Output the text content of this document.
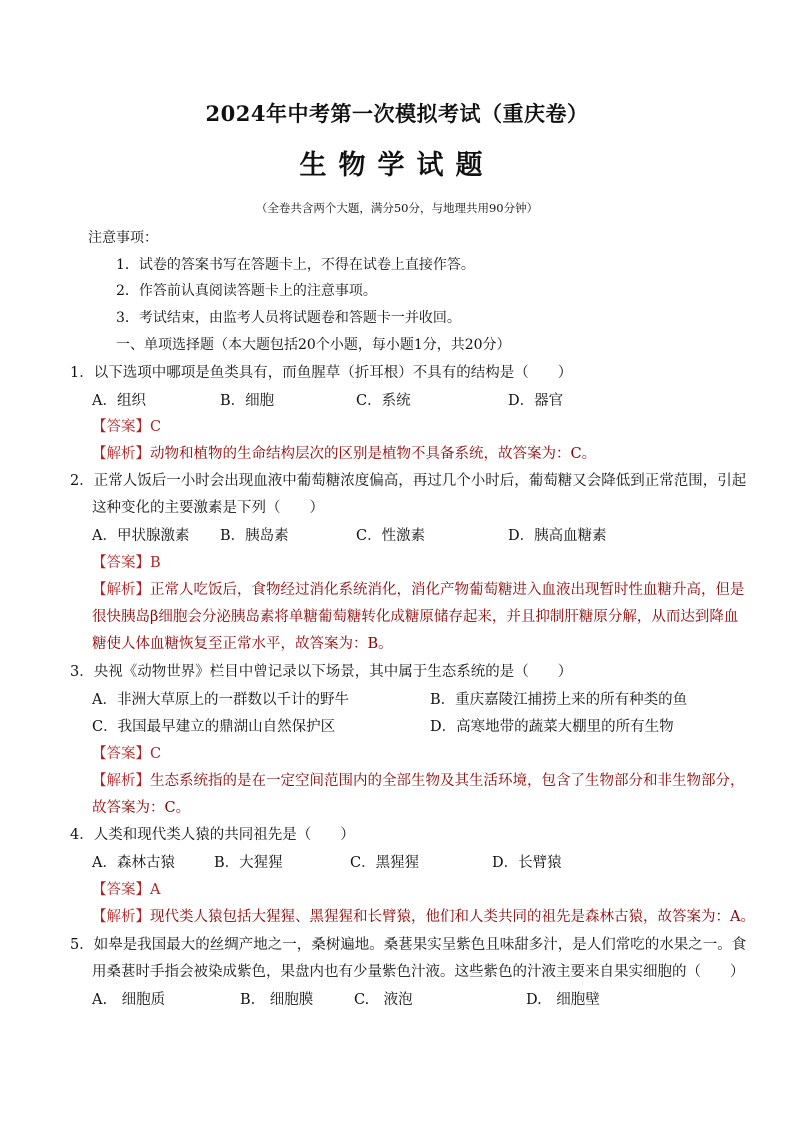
2024年中考第一次模拟考试（重庆卷）
生物学试题
（全卷共含两个大题，满分50分，与地理共用90分钟）
注意事项：
1．试卷的答案书写在答题卡上，不得在试卷上直接作答。
2．作答前认真阅读答题卡上的注意事项。
3．考试结束，由监考人员将试题卷和答题卡一并收回。
一、单项选择题（本大题包括20个小题，每小题1分，共20分）
1．以下选项中哪项是鱼类具有，而鱼腥草（折耳根）不具有的结构是（　　）
A．组织	B．细胞	C．系统	D．器官
【答案】C
【解析】动物和植物的生命结构层次的区别是植物不具备系统，故答案为：C。
2．正常人饭后一小时会出现血液中葡萄糖浓度偏高，再过几个小时后，葡萄糖又会降低到正常范围，引起
这种变化的主要激素是下列（　　）
A．甲状腺激素 B．胰岛素	C．性激素	D．胰高血糖素
【答案】B
【解析】正常人吃饭后，食物经过消化系统消化，消化产物葡萄糖进入血液出现暂时性血糖升高，但是
很快胰岛β细胞会分泌胰岛素将单糖葡萄糖转化成糖原储存起来，并且抑制肝糖原分解，从而达到降血
糖使人体血糖恢复至正常水平，故答案为：B。
3．央视《动物世界》栏目中曾记录以下场景，其中属于生态系统的是（　　）
A．非洲大草原上的一群数以千计的野牛	B．重庆嘉陵江捕捞上来的所有种类的鱼
C．我国最早建立的鼎湖山自然保护区	D．高寒地带的蔬菜大棚里的所有生物
【答案】C
【解析】生态系统指的是在一定空间范围内的全部生物及其生活环境，包含了生物部分和非生物部分，
故答案为：C。
4．人类和现代类人猿的共同祖先是（　　）
A．森林古猿	B．大猩猩	C．黑猩猩	D．长臂猿
【答案】A
【解析】现代类人猿包括大猩猩、黑猩猩和长臂猿，他们和人类共同的祖先是森林古猿，故答案为：A。
5．如皋是我国最大的丝绸产地之一，桑树遍地。桑葚果实呈紫色且味甜多汁，是人们常吃的水果之一。食
用桑葚时手指会被染成紫色，果盘内也有少量紫色汁液。这些紫色的汁液主要来自果实细胞的（　　）
A.　细胞质	B.　细胞膜	C.　液泡	D.　细胞壁
